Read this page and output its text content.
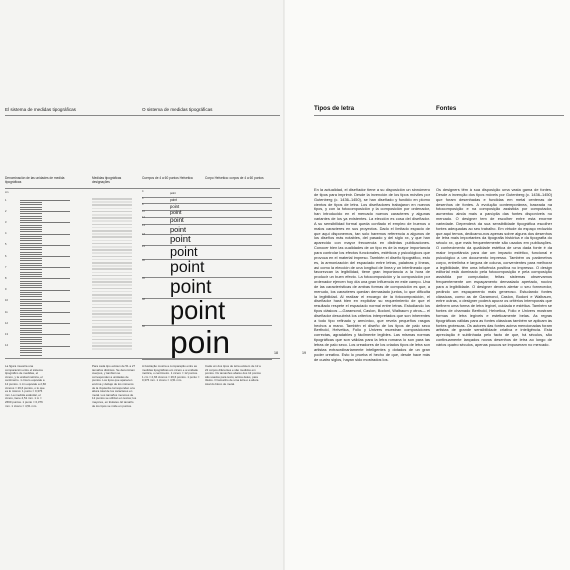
El sistema de medidas tipográficas	O sistema de medidas tipográficas
Denominación de las unidades de medida tipográficas
Medidas tipográficas designações
Cuerpos de 4 a 60 puntos Helvetica	Corpo Helvetica: corpos de 4 a 60 pontos
cm
1
2
3
4
5
6
7
8
9
10
11
12
13
14
4
point
6
point
8	point
10	point
12	point
14	point
18	point
24 point
30 point
36 point
48 point
60 poin	18
La figura muestra una comparación entre el sistema tipográfico de medidas, el cícero, y la unidad métrica, el centímetro. 1 cícero equivale a 12 puntos. 1 cm equivale a 2,66 cíceros = 26,6 puntos, o lo que es lo mismo: 1 punto = 0,376 mm. La medida estándar, el cícero, tiene 4,51 mm. 1 m = 2660 puntos. 1 punto = 0,376 mm. 1 cícero = 4,51 mm.
Para cada tipo existen de 51 a 27 tamaños distintos. Se denominan cuerpos, y también se corresponden a unidades de puntos. Los tipos que aparecen encima y debajo de los números de la izquierda corresponden a la altura total de los caracteres en metal. Los tamaños menores de 12 puntos se utilizan en textos; los mayores, en titulares. El tamaño de los tipos se mide en puntos.
A ilustração mostra a comparação entre as medidas tipográficas em cícero e a unidade métrica, o centímetro. 1 cícero = 12 pontos. 1 cm = 2,66 cíceros = 26,6 pontos. 1 ponto = 0,376 mm. 1 cícero = 4,51 mm.
Cada um dos tipos de letra existem de 12 a 22 corpos diferentes e são medidos em pontos. Os tamanhos abaixo dos 12 pontos são usados para texto; acima deles, para títulos. O tamanho de uma letra é a altura total do bloco de metal.
Tipos de letra	Fontes
19
En la actualidad, el diseñador tiene a su disposición un sinnúmero de tipos para imprimir. Desde la invención de los tipos móviles por Gutenberg (c. 1436–1450), se han diseñado y fundido en plomo cientos de tipos de letra. Los diseñadores trabajaron en nuevos tipos, y con la fotocomposición y la composición por ordenador, han introducido en el mercado nuevos caracteres y algunas variantes de los ya existentes. La elección es cosa del diseñador. A su sensibilidad formal queda confiado el empleo de buenos o malos caracteres en sus proyectos. Dado el limitado espacio de que aquí disponemos, tan solo haremos referencia a algunos de los diseños más notables, del pasado y del siglo xx, y que han aparecido con mayor frecuencia en distintas publicaciones. Conocer bien las cualidades de un tipo es de la mayor importancia para controlar los efectos funcionales, estéticos y psicológicos que provoca en el material impreso. También el diseño tipográfico, esto es, la armonización del espaciado entre letras, palabras y líneas, así como la elección de una longitud de línea y un interlineado que favorezcan la legibilidad, tiene gran importancia a la hora de producir un buen efecto. La fotocomposición y la composición por ordenador ejercen hoy día una gran influencia en este campo. Una de las características de ambas formas de composición es que, a menudo, los caracteres quedan demasiado juntos, lo que dificulta la legibilidad. Al realizar el encargo de la fotocomposición, el diseñador hará bien en explicitar su requerimiento de que el resultado respete el espaciado normal entre letras. Estudiando los tipos clásicos —Garamond, Caslon, Bodoni, Walbaum y otros— el diseñador descubrirá los criterios interpretados que son inherentes a todo tipo refinado y armónico, que revela pequeños rasgos hechos a mano. También el diseño de los tipos de palo seco Berthold, Helvetica, Folio y Univers muestran composiciones correctas, agradables y fácilmente legibles. Las mismas normas tipográficas que son válidas para la letra romana lo son para las letras de palo seco. Los creadores de los criados tipos de letra son artistas extraordinariamente inteligentes y dotados de un gran poder creativo. Esto lo prueba el hecho de que, desde hace más de cuatro siglos, hayan sido mostrados los.
Os designers têm à sua disposição uma vasta gama de fontes. Desde a invenção dos tipos móveis por Gutenberg (c. 1436–1450) que foram desenhadas e fundidas em metal centenas de desenhos de fontes. A evolução contemporânea, baseada na fotocomposição e na composição assistida por computador, aumentou ainda mais a panóplia das fontes disponíveis no mercado. O designer tem de escolher entre esta enorme variedade. Dependerá da sua sensibilidade tipográfica escolher fontes adequadas ao seu trabalho. Em virtude do espaço reduzido que aqui temos, dedicamo-nos apenas sobre alguns dos desenhos de letra mais importantes da tipografia histórica e da tipografia do século xx, que mais frequentemente são usados em publicações. O conhecimento da qualidade estética de uma dada fonte é da maior importância para dar um impacto estético, funcional e psicológico a um documento impresso. Também os parâmetros corpo, entrelinha e largura de coluna, convenientes para melhorar a legibilidade, têm uma influência positiva no impresso. O design editorial está dominado pela fotocomposição e pela composição assistida por computador, feitas sistemas observamos frequentemente um espaçamento demasiado apertado, nocivo para a legibilidade. O designer deverá alertar o seu fornecedor, pedindo um espaçamento mais generoso. Estudando fontes clássicas, como as de Garamond, Caslon, Bodoni e Walbaum, entre outras, o designer poderá apurar os critérios intemporais que definem uma forma de letra legível, cuidada e estética. Também se fontes de chamado Berthold, Helvetica, Folio e Univers mostram formas de letra legíveis e esteticamente belas. As regras tipográficas válidas para as fontes clássicas também se aplicam às fontes grotescas. Os autores das fontes acima mencionadas foram artistas de grande sensibilidade criativa e inteligência. Esta apreciação é sublinhada pelo facto de que, há séculos, são continuamente lançados novos desenhos de letra ao longo de vários quatro séculos, apenas poucos se impuseram no mercado.
